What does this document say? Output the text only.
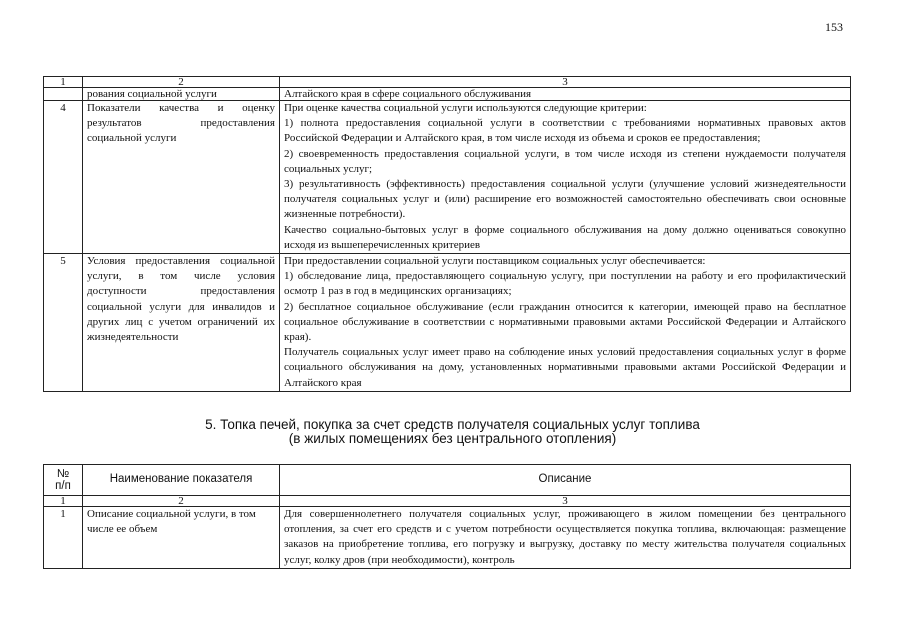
153
1	2	3
	рования социальной услуги	Алтайского края в сфере социального обслуживания

4	Показатели качества и оценку результатов предоставления социальной услуги	При оценке качества социальной услуги используются следующие критерии:
1) полнота предоставления социальной услуги в соответствии с требованиями нормативных правовых актов Российской Федерации и Алтайского края, в том числе исходя из объема и сроков ее предоставления;
2) своевременность предоставления социальной услуги, в том числе исходя из степени нуждаемости получателя социальных услуг;
3) результативность (эффективность) предоставления социальной услуги (улучшение условий жизнедеятельности получателя социальных услуг и (или) расширение его возможностей самостоятельно обеспечивать свои основные жизненные потребности).
Качество социально-бытовых услуг в форме социального обслуживания на дому должно оцениваться совокупно исходя из вышеперечисленных критериев

5	Условия предоставления социальной услуги, в том числе условия доступности предоставления социальной услуги для инвалидов и других лиц с учетом ограничений их жизнедеятельности	При предоставлении социальной услуги поставщиком социальных услуг обеспечивается:
1) обследование лица, предоставляющего социальную услугу, при поступлении на работу и его профилактический осмотр 1 раз в год в медицинских организациях;
2) бесплатное социальное обслуживание (если гражданин относится к категории, имеющей право на бесплатное социальное обслуживание в соответствии с нормативными правовыми актами Российской Федерации и Алтайского края).
Получатель социальных услуг имеет право на соблюдение иных условий предоставления социальных услуг в форме социального обслуживания на дому, установленных нормативными правовыми актами Российской Федерации и Алтайского края
5. Топка печей, покупка за счет средств получателя социальных услуг топлива
(в жилых помещениях без центрального отопления)
№
п/п	Наименование показателя	Описание
1	2	3
1	Описание социальной услуги, в том числе ее объем	Для совершеннолетнего получателя социальных услуг, проживающего в жилом помещении без центрального отопления, за счет его средств и с учетом потребности осуществляется покупка топлива, включающая: размещение заказов на приобретение топлива, его погрузку и выгрузку, доставку по месту жительства получателя социальных услуг, колку дров (при необходимости), контроль
